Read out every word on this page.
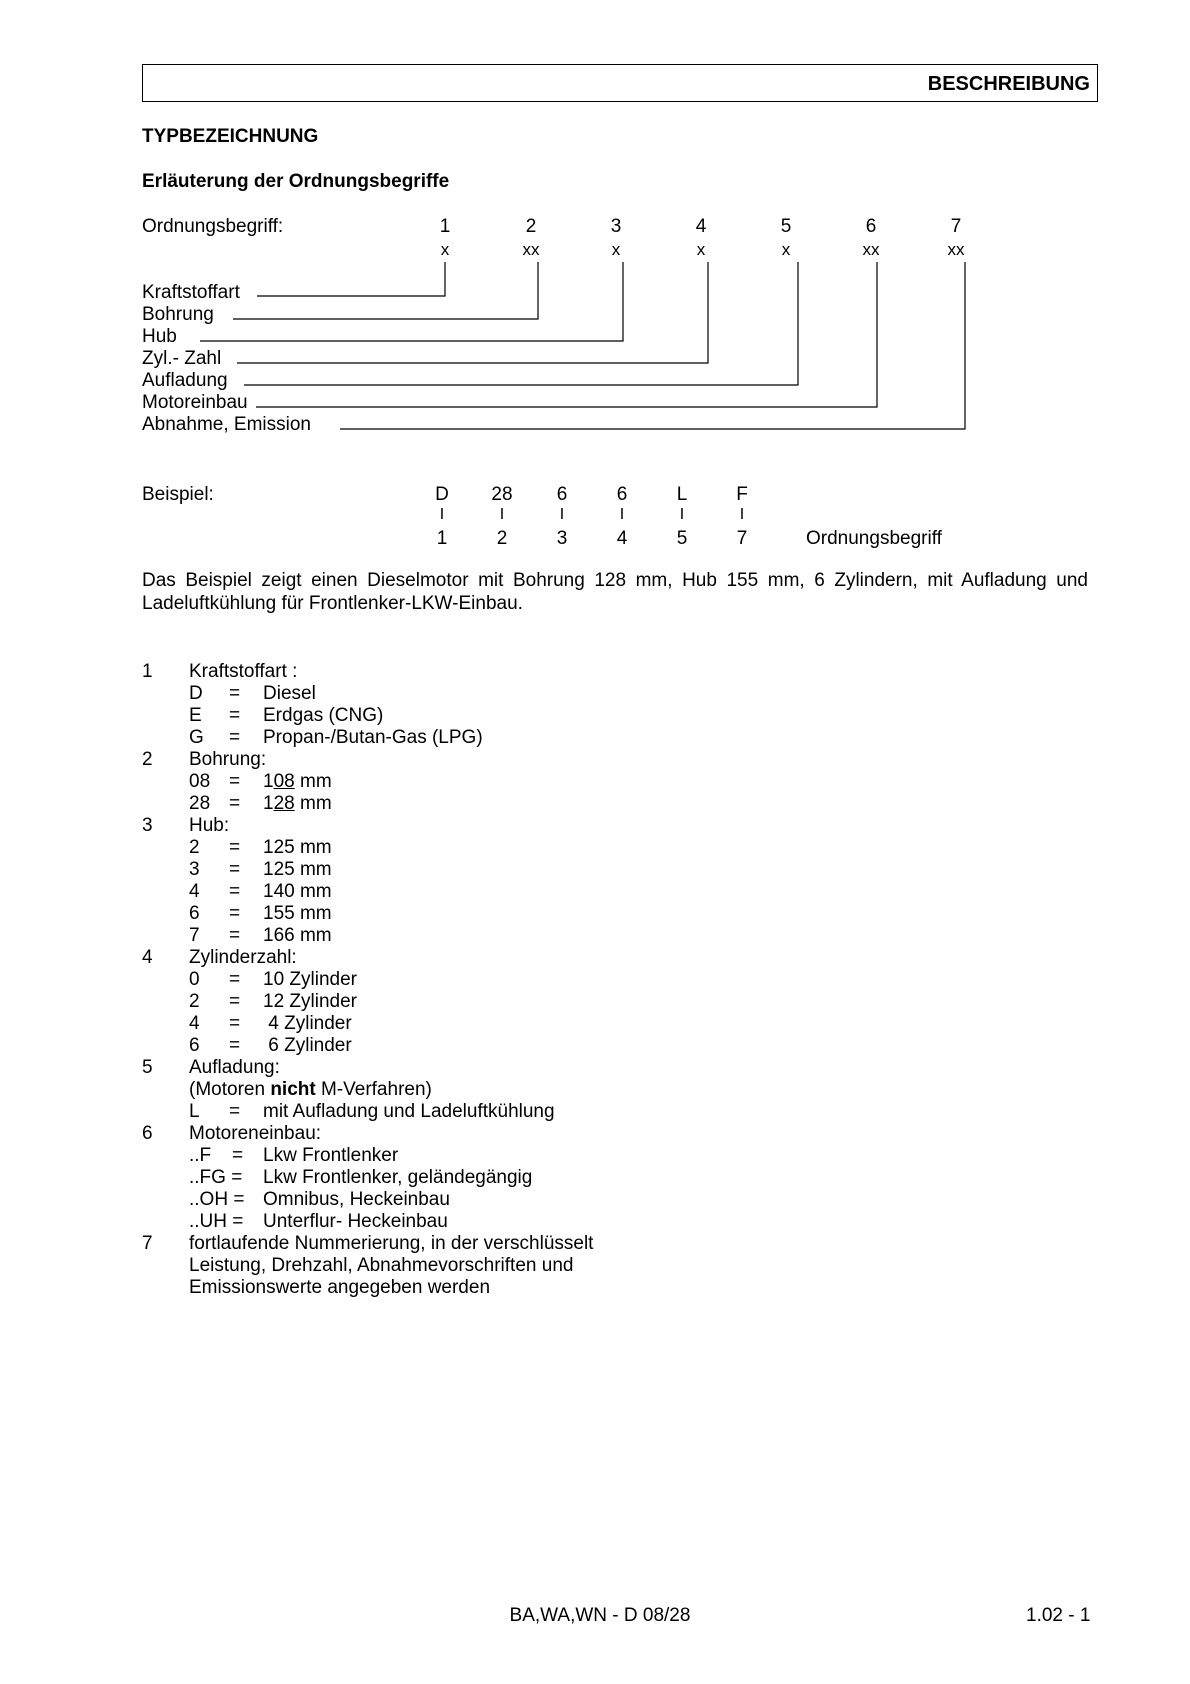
BESCHREIBUNG
TYPBEZEICHNUNG
Erläuterung der Ordnungsbegriffe
Ordnungsbegriff:	1	2	3	4	5	6	7
x	xx	x	x	x	xx	xx
Kraftstoffart
Bohrung
Hub
Zyl.- Zahl
Aufladung
Motoreinbau
Abnahme, Emission
Beispiel:	D	28	6	6	L	F
I	I	I	I	I	I
1	2	3	4	5	7	Ordnungsbegriff
Das Beispiel zeigt einen Dieselmotor mit Bohrung 128 mm, Hub 155 mm, 6 Zylindern, mit Aufladung und Ladeluftkühlung für Frontlenker-LKW-Einbau.
1 Kraftstoffart :
D = Diesel
E = Erdgas (CNG)
G = Propan-/Butan-Gas (LPG)
2 Bohrung:
08 = 108 mm
28 = 128 mm
3 Hub:
2 = 125 mm
3 = 125 mm
4 = 140 mm
6 = 155 mm
7 = 166 mm
4 Zylinderzahl:
0 = 10 Zylinder
2 = 12 Zylinder
4 = 4 Zylinder
6 = 6 Zylinder
5 Aufladung:
(Motoren nicht M-Verfahren)
L = mit Aufladung und Ladeluftkühlung
6 Motoreneinbau:
..F = Lkw Frontlenker
..FG = Lkw Frontlenker, geländegängig
..OH = Omnibus, Heckeinbau
..UH = Unterflur- Heckeinbau
7 fortlaufende Nummerierung, in der verschlüsselt
Leistung, Drehzahl, Abnahmevorschriften und
Emissionswerte angegeben werden
BA,WA,WN - D 08/28	1.02 - 1
